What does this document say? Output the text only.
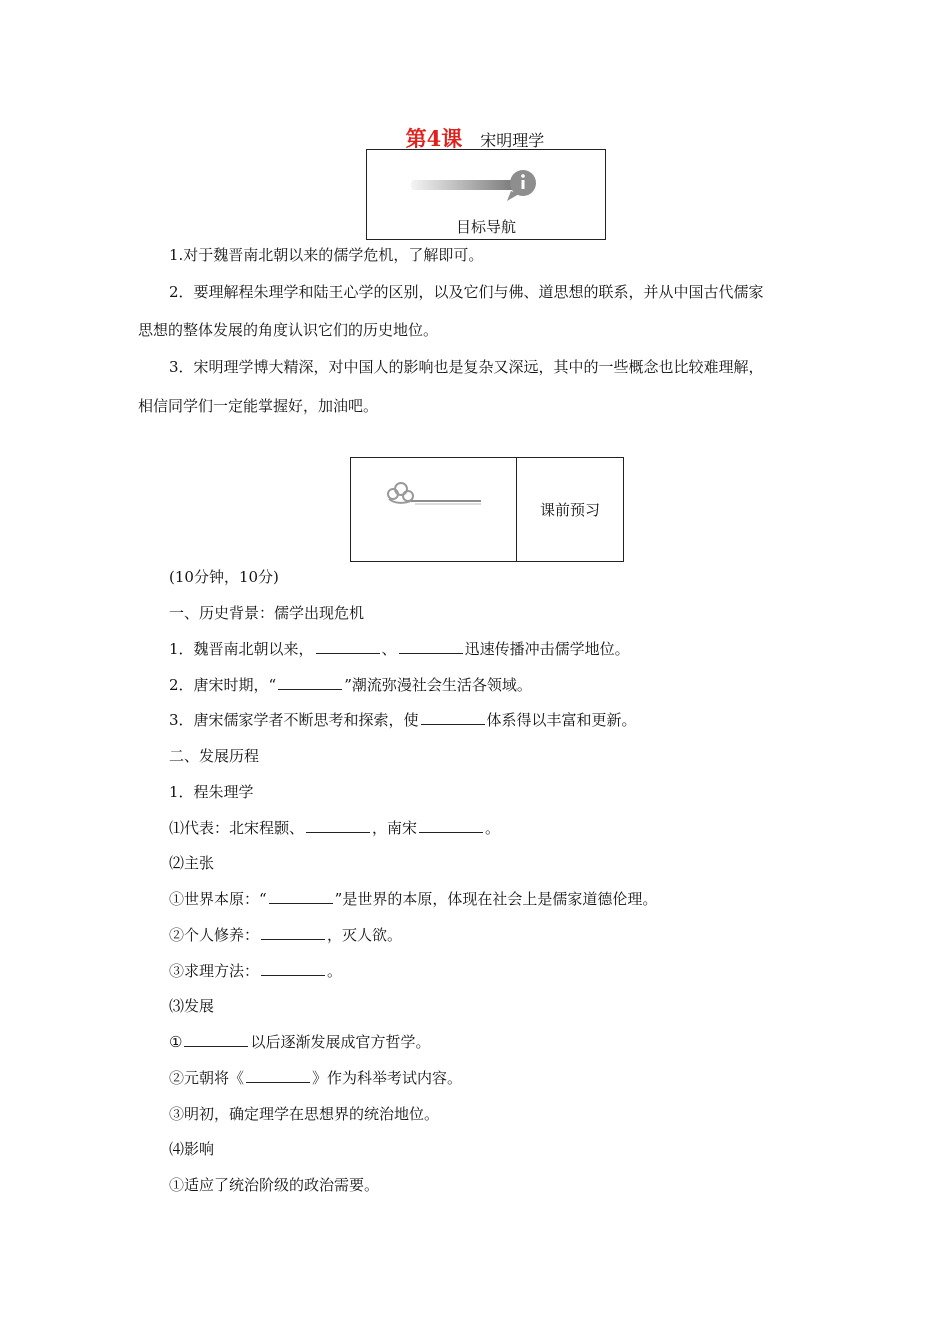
第4课 宋明理学
目标导航
1.对于魏晋南北朝以来的儒学危机，了解即可。
2．要理解程朱理学和陆王心学的区别，以及它们与佛、道思想的联系，并从中国古代儒家
思想的整体发展的角度认识它们的历史地位。
3．宋明理学博大精深，对中国人的影响也是复杂又深远，其中的一些概念也比较难理解，
相信同学们一定能掌握好，加油吧。
课前预习
(10分钟，10分)
一、历史背景：儒学出现危机
1．魏晋南北朝以来，	、	迅速传播冲击儒学地位。
2．唐宋时期，“	”潮流弥漫社会生活各领域。
3．唐宋儒家学者不断思考和探索，使	体系得以丰富和更新。
二、发展历程
1．程朱理学
⑴代表：北宋程颢、	，南宋	。
⑵主张
①世界本原：“	”是世界的本原，体现在社会上是儒家道德伦理。
②个人修养：	，灭人欲。
③求理方法：	。
⑶发展
①	以后逐渐发展成官方哲学。
②元朝将《	》作为科举考试内容。
③明初，确定理学在思想界的统治地位。
⑷影响
①适应了统治阶级的政治需要。
